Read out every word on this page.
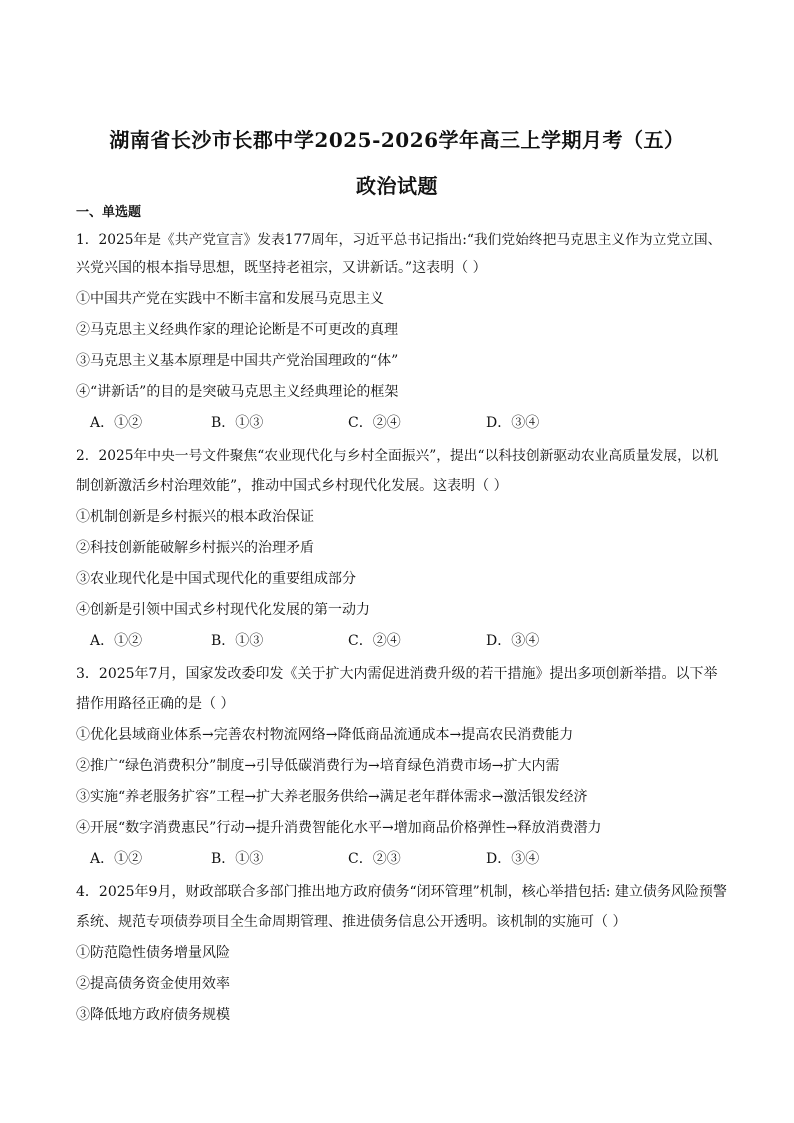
湖南省长沙市长郡中学2025-2026学年高三上学期月考（五）
政治试题
一、单选题
1．2025年是《共产党宣言》发表177周年，习近平总书记指出:“我们党始终把马克思主义作为立党立国、
兴党兴国的根本指导思想，既坚持老祖宗，又讲新话。”这表明（ ）
①中国共产党在实践中不断丰富和发展马克思主义
②马克思主义经典作家的理论论断是不可更改的真理
③马克思主义基本原理是中国共产党治国理政的“体”
④“讲新话”的目的是突破马克思主义经典理论的框架
A．①②	B．①③	C．②④	D．③④
2．2025年中央一号文件聚焦“农业现代化与乡村全面振兴”，提出“以科技创新驱动农业高质量发展，以机
制创新激活乡村治理效能”，推动中国式乡村现代化发展。这表明（ ）
①机制创新是乡村振兴的根本政治保证
②科技创新能破解乡村振兴的治理矛盾
③农业现代化是中国式现代化的重要组成部分
④创新是引领中国式乡村现代化发展的第一动力
A．①②	B．①③	C．②④	D．③④
3．2025年7月，国家发改委印发《关于扩大内需促进消费升级的若干措施》提出多项创新举措。以下举
措作用路径正确的是（ ）
①优化县域商业体系→完善农村物流网络→降低商品流通成本→提高农民消费能力
②推广“绿色消费积分”制度→引导低碳消费行为→培育绿色消费市场→扩大内需
③实施“养老服务扩容”工程→扩大养老服务供给→满足老年群体需求→激活银发经济
④开展“数字消费惠民”行动→提升消费智能化水平→增加商品价格弹性→释放消费潜力
A．①②	B．①③	C．②③	D．③④
4．2025年9月，财政部联合多部门推出地方政府债务“闭环管理”机制，核心举措包括: 建立债务风险预警
系统、规范专项债券项目全生命周期管理、推进债务信息公开透明。该机制的实施可（ ）
①防范隐性债务增量风险
②提高债务资金使用效率
③降低地方政府债务规模
